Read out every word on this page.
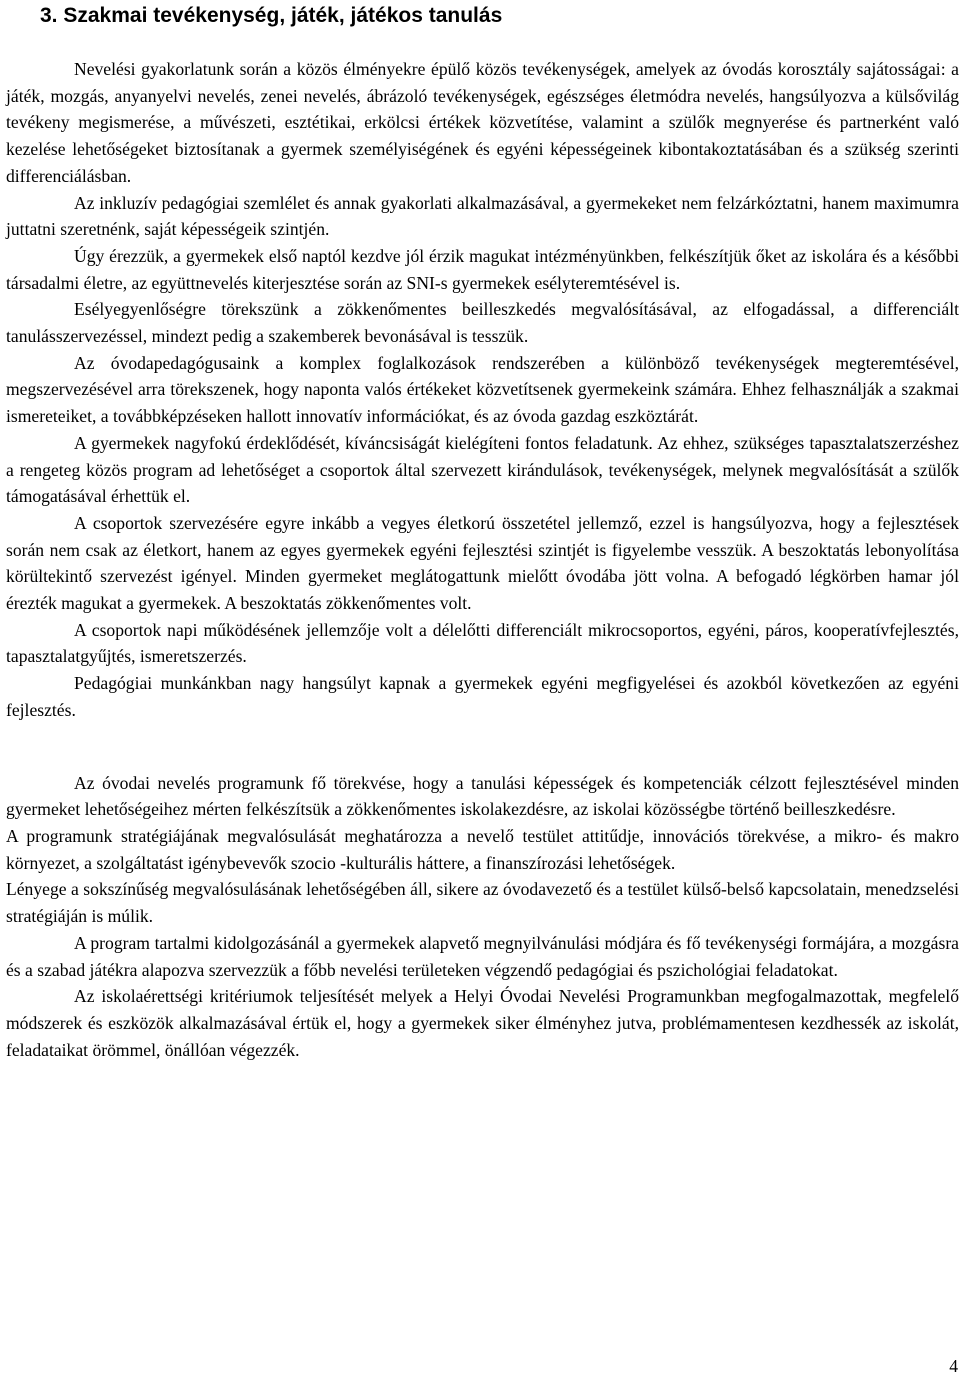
3. Szakmai tevékenység, játék, játékos tanulás

Nevelési gyakorlatunk során a közös élményekre épülő közös tevékenységek, amelyek az óvodás korosztály sajátosságai: a játék, mozgás, anyanyelvi nevelés, zenei nevelés, ábrázoló tevékenységek, egészséges életmódra nevelés, hangsúlyozva a külsővilág tevékeny megismerése, a művészeti, esztétikai, erkölcsi értékek közvetítése, valamint a szülők megnyerése és partnerként való kezelése lehetőségeket biztosítanak a gyermek személyiségének és egyéni képességeinek kibontakoztatásában és a szükség szerinti differenciálásban.

Az inkluzív pedagógiai szemlélet és annak gyakorlati alkalmazásával, a gyermekeket nem felzárkóztatni, hanem maximumra juttatni szeretnénk, saját képességeik szintjén.

Úgy érezzük, a gyermekek első naptól kezdve jól érzik magukat intézményünkben, felkészítjük őket az iskolára és a későbbi társadalmi életre, az együttnevelés kiterjesztése során az SNI-s gyermekek esélyteremtésével is.

Esélyegyenlőségre törekszünk a zökkenőmentes beilleszkedés megvalósításával, az elfogadással, a differenciált tanulásszervezéssel, mindezt pedig a szakemberek bevonásával is tesszük.

Az óvodapedagógusaink a komplex foglalkozások rendszerében a különböző tevékenységek megteremtésével, megszervezésével arra törekszenek, hogy naponta valós értékeket közvetítsenek gyermekeink számára. Ehhez felhasználják a szakmai ismereteiket, a továbbképzéseken hallott innovatív információkat, és az óvoda gazdag eszköztárát.

A gyermekek nagyfokú érdeklődését, kíváncsiságát kielégíteni fontos feladatunk. Az ehhez, szükséges tapasztalatszerzéshez a rengeteg közös program ad lehetőséget a csoportok által szervezett kirándulások, tevékenységek, melynek megvalósítását a szülők támogatásával érhettük el.

A csoportok szervezésére egyre inkább a vegyes életkorú összetétel jellemző, ezzel is hangsúlyozva, hogy a fejlesztések során nem csak az életkort, hanem az egyes gyermekek egyéni fejlesztési szintjét is figyelembe vesszük. A beszoktatás lebonyolítása körültekintő szervezést igényel. Minden gyermeket meglátogattunk mielőtt óvodába jött volna. A befogadó légkörben hamar jól érezték magukat a gyermekek. A beszoktatás zökkenőmentes volt.

A csoportok napi működésének jellemzője volt a délelőtti differenciált mikrocsoportos, egyéni, páros, kooperatívfejlesztés, tapasztalatgyűjtés, ismeretszerzés.

Pedagógiai munkánkban nagy hangsúlyt kapnak a gyermekek egyéni megfigyelései és azokból következően az egyéni fejlesztés.

Az óvodai nevelés programunk fő törekvése, hogy a tanulási képességek és kompetenciák célzott fejlesztésével minden gyermeket lehetőségeihez mérten felkészítsük a zökkenőmentes iskolakezdésre, az iskolai közösségbe történő beilleszkedésre.

A programunk stratégiájának megvalósulását meghatározza a nevelő testület attitűdje, innovációs törekvése, a mikro- és makro környezet, a szolgáltatást igénybevevők szocio -kulturális háttere, a finanszírozási lehetőségek.

Lényege a sokszínűség megvalósulásának lehetőségében áll, sikere az óvodavezető és a testület külső-belső kapcsolatain, menedzselési stratégiáján is múlik.

A program tartalmi kidolgozásánál a gyermekek alapvető megnyilvánulási módjára és fő tevékenységi formájára, a mozgásra és a szabad játékra alapozva szervezzük a főbb nevelési területeken végzendő pedagógiai és pszichológiai feladatokat.

Az iskolaérettségi kritériumok teljesítését melyek a Helyi Óvodai Nevelési Programunkban megfogalmazottak, megfelelő módszerek és eszközök alkalmazásával értük el, hogy a gyermekek siker élményhez jutva, problémamentesen kezdhessék az iskolát, feladataikat örömmel, önállóan végezzék.

4
